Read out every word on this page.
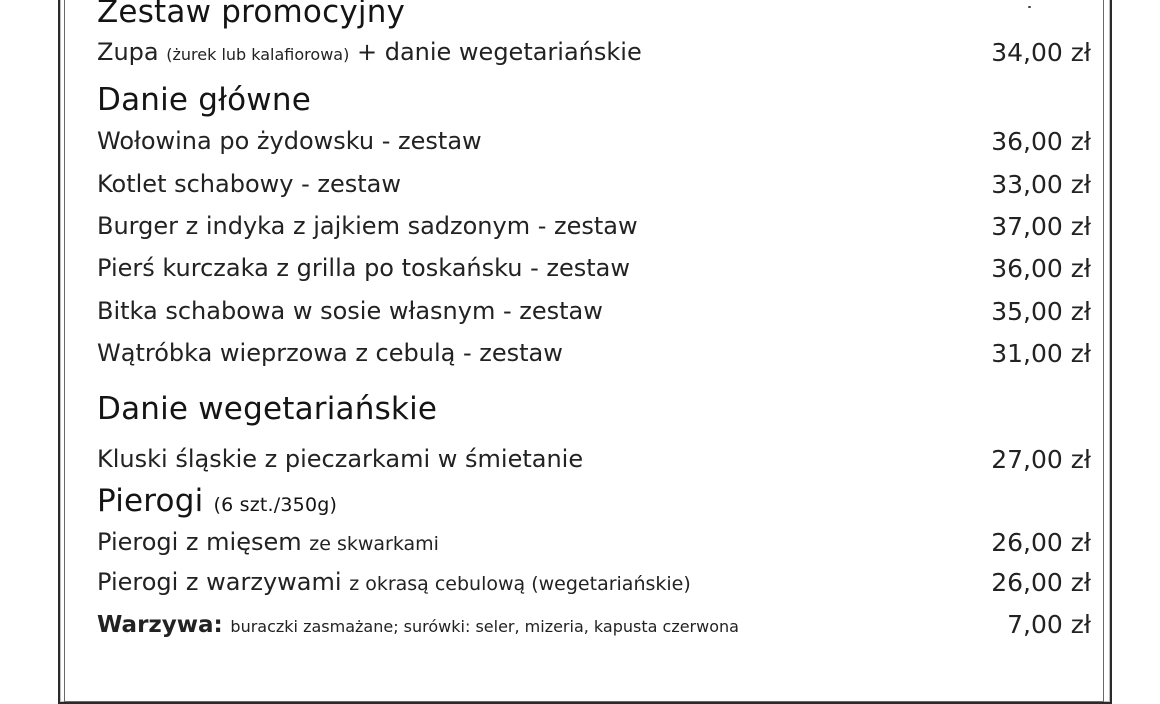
Zestaw promocyjny
Zupa (żurek lub kalafiorowa) + danie wegetariańskie	34,00 zł
Danie główne
Wołowina po żydowsku - zestaw	36,00 zł
Kotlet schabowy - zestaw	33,00 zł
Burger z indyka z jajkiem sadzonym - zestaw	37,00 zł
Pierś kurczaka z grilla po toskańsku - zestaw	36,00 zł
Bitka schabowa w sosie własnym - zestaw	35,00 zł
Wątróbka wieprzowa z cebulą - zestaw	31,00 zł
Danie wegetariańskie
Kluski śląskie z pieczarkami w śmietanie	27,00 zł
Pierogi (6 szt./350g)
Pierogi z mięsem ze skwarkami	26,00 zł
Pierogi z warzywami z okrasą cebulową (wegetariańskie)	26,00 zł
Warzywa: buraczki zasmażane; surówki: seler, mizeria, kapusta czerwona	7,00 zł
